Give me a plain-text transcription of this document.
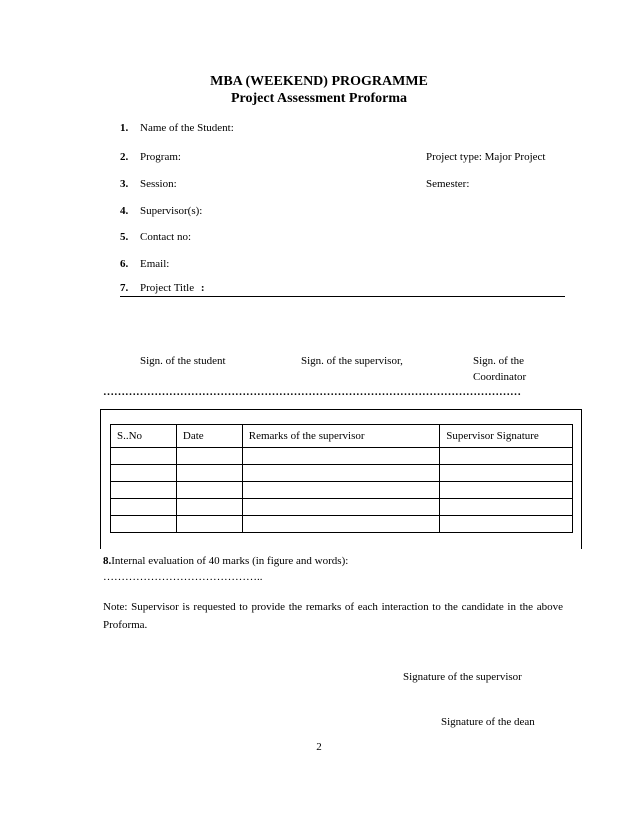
MBA (WEEKEND) PROGRAMME
Project Assessment Proforma
1. Name of the Student:
2. Program:	Project type: Major Project
3. Session:	Semester:
4. Supervisor(s):
5. Contact no:
6. Email:
7. Project Title :
Sign. of the student	Sign. of the supervisor,	Sign. of the
Coordinator
……………………………………………………………………………………………………
S..No	Date	Remarks of the supervisor	Supervisor Signature

8.Internal evaluation of 40 marks (in figure and words):
……………………………………..
Note: Supervisor is requested to provide the remarks of each interaction to the candidate in the above Proforma.
Signature of the supervisor
Signature of the dean
2
